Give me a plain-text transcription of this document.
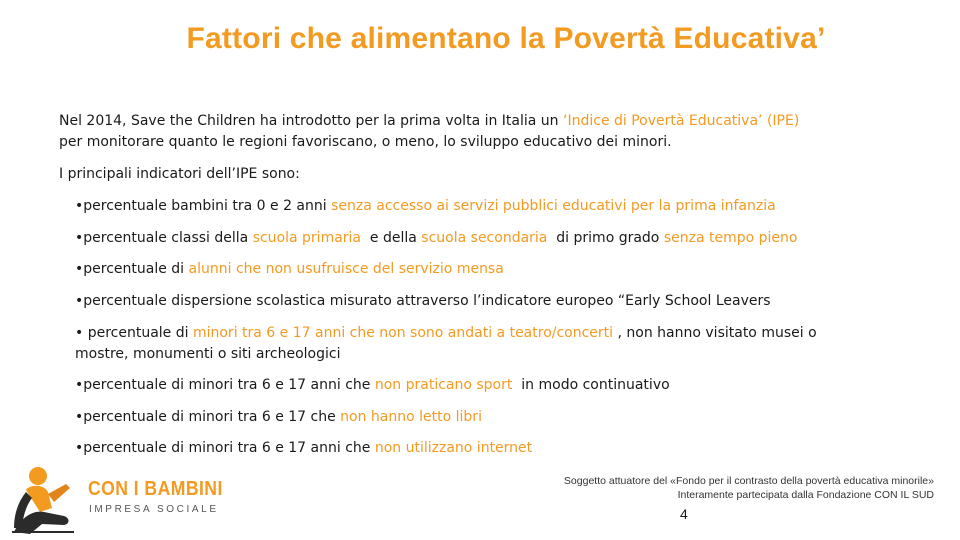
Fattori che alimentano la Povertà Educativa’
Nel 2014, Save the Children ha introdotto per la prima volta in Italia un ‘Indice di Povertà Educativa’ (IPE)
per monitorare quanto le regioni favoriscano, o meno, lo sviluppo educativo dei minori.
I principali indicatori dell’IPE sono:
•percentuale bambini tra 0 e 2 anni senza accesso ai servizi pubblici educativi per la prima infanzia
•percentuale classi della scuola primaria  e della scuola secondaria  di primo grado senza tempo pieno
•percentuale di alunni che non usufruisce del servizio mensa
•percentuale dispersione scolastica misurato attraverso l’indicatore europeo “Early School Leavers
• percentuale di minori tra 6 e 17 anni che non sono andati a teatro/concerti , non hanno visitato musei o mostre, monumenti o siti archeologici
•percentuale di minori tra 6 e 17 anni che non praticano sport  in modo continuativo
•percentuale di minori tra 6 e 17 che non hanno letto libri
•percentuale di minori tra 6 e 17 anni che non utilizzano internet
CON I BAMBINI
IMPRESA SOCIALE
Soggetto attuatore del «Fondo per il contrasto della povertà educativa minorile»
Interamente partecipata dalla Fondazione CON IL SUD
4
